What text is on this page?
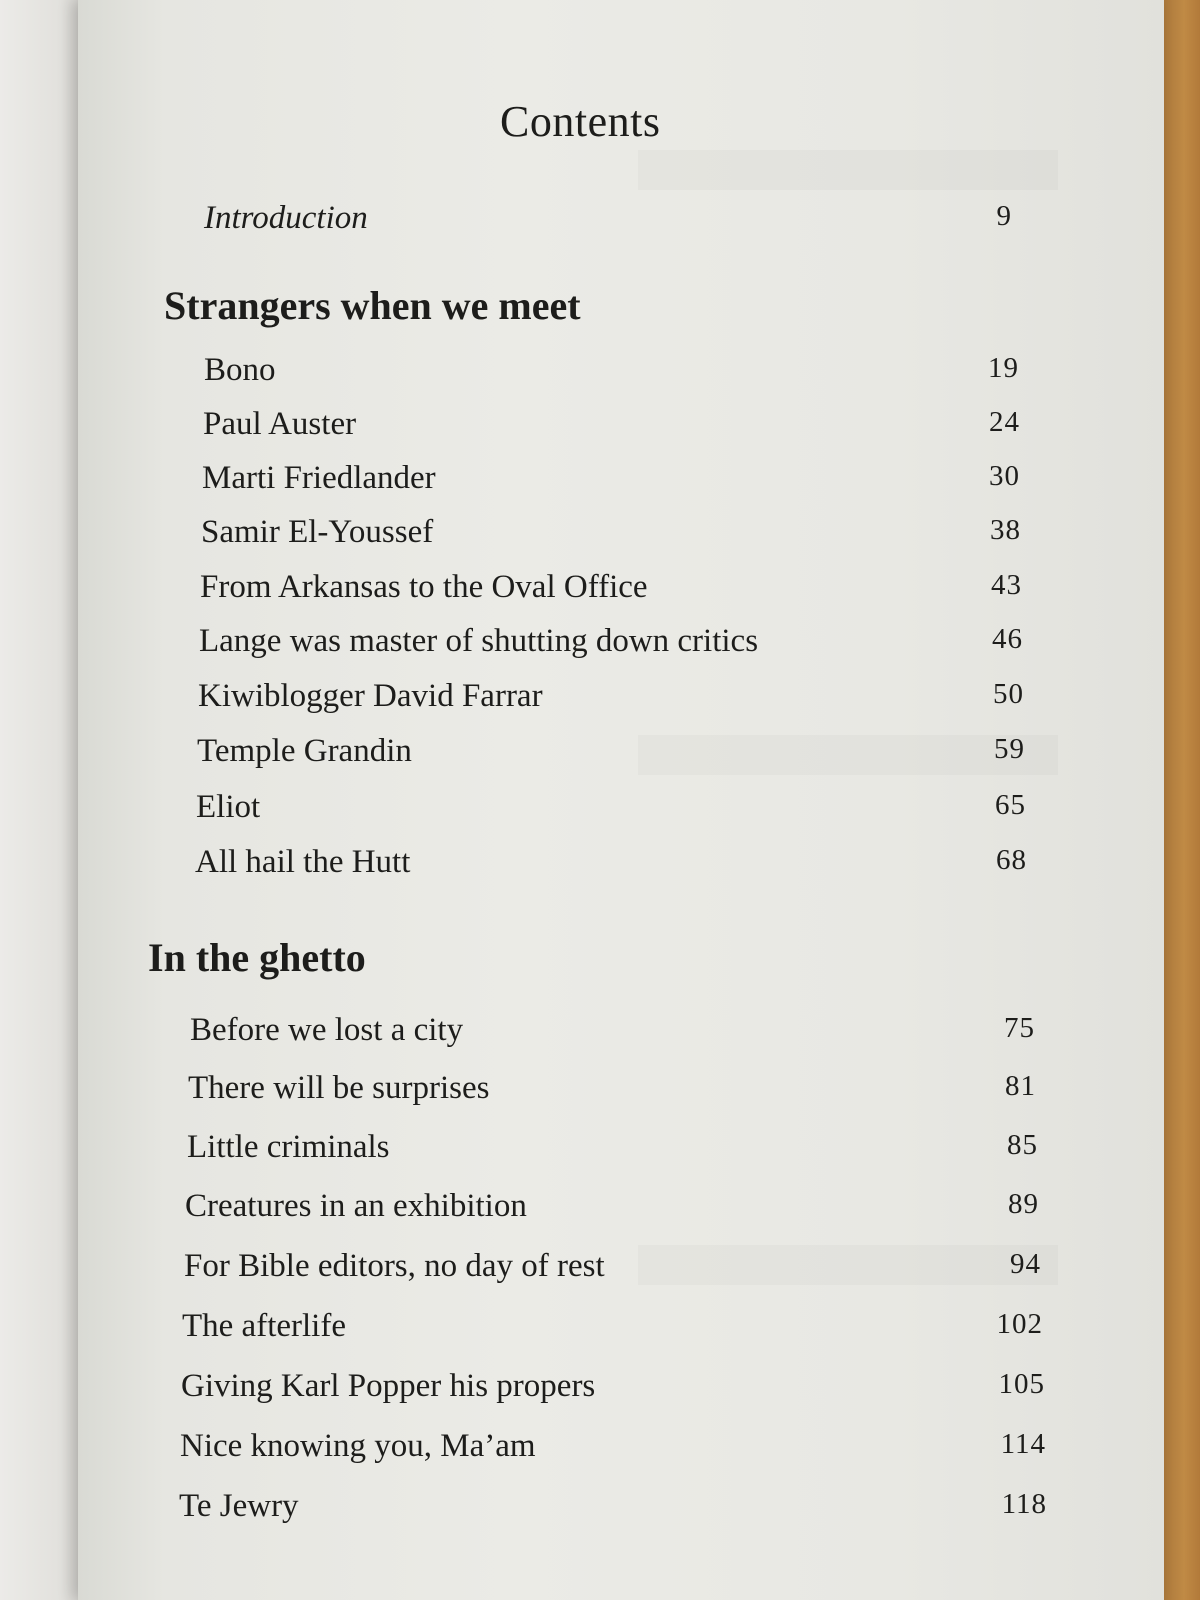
Contents
Introduction	9
Strangers when we meet
Bono	19
Paul Auster	24
Marti Friedlander	30
Samir El-Youssef	38
From Arkansas to the Oval Office	43
Lange was master of shutting down critics	46
Kiwiblogger David Farrar	50
Temple Grandin	59
Eliot	65
All hail the Hutt	68
In the ghetto
Before we lost a city	75
There will be surprises	81
Little criminals	85
Creatures in an exhibition	89
For Bible editors, no day of rest	94
The afterlife	102
Giving Karl Popper his propers	105
Nice knowing you, Ma’am	114
Te Jewry	118
